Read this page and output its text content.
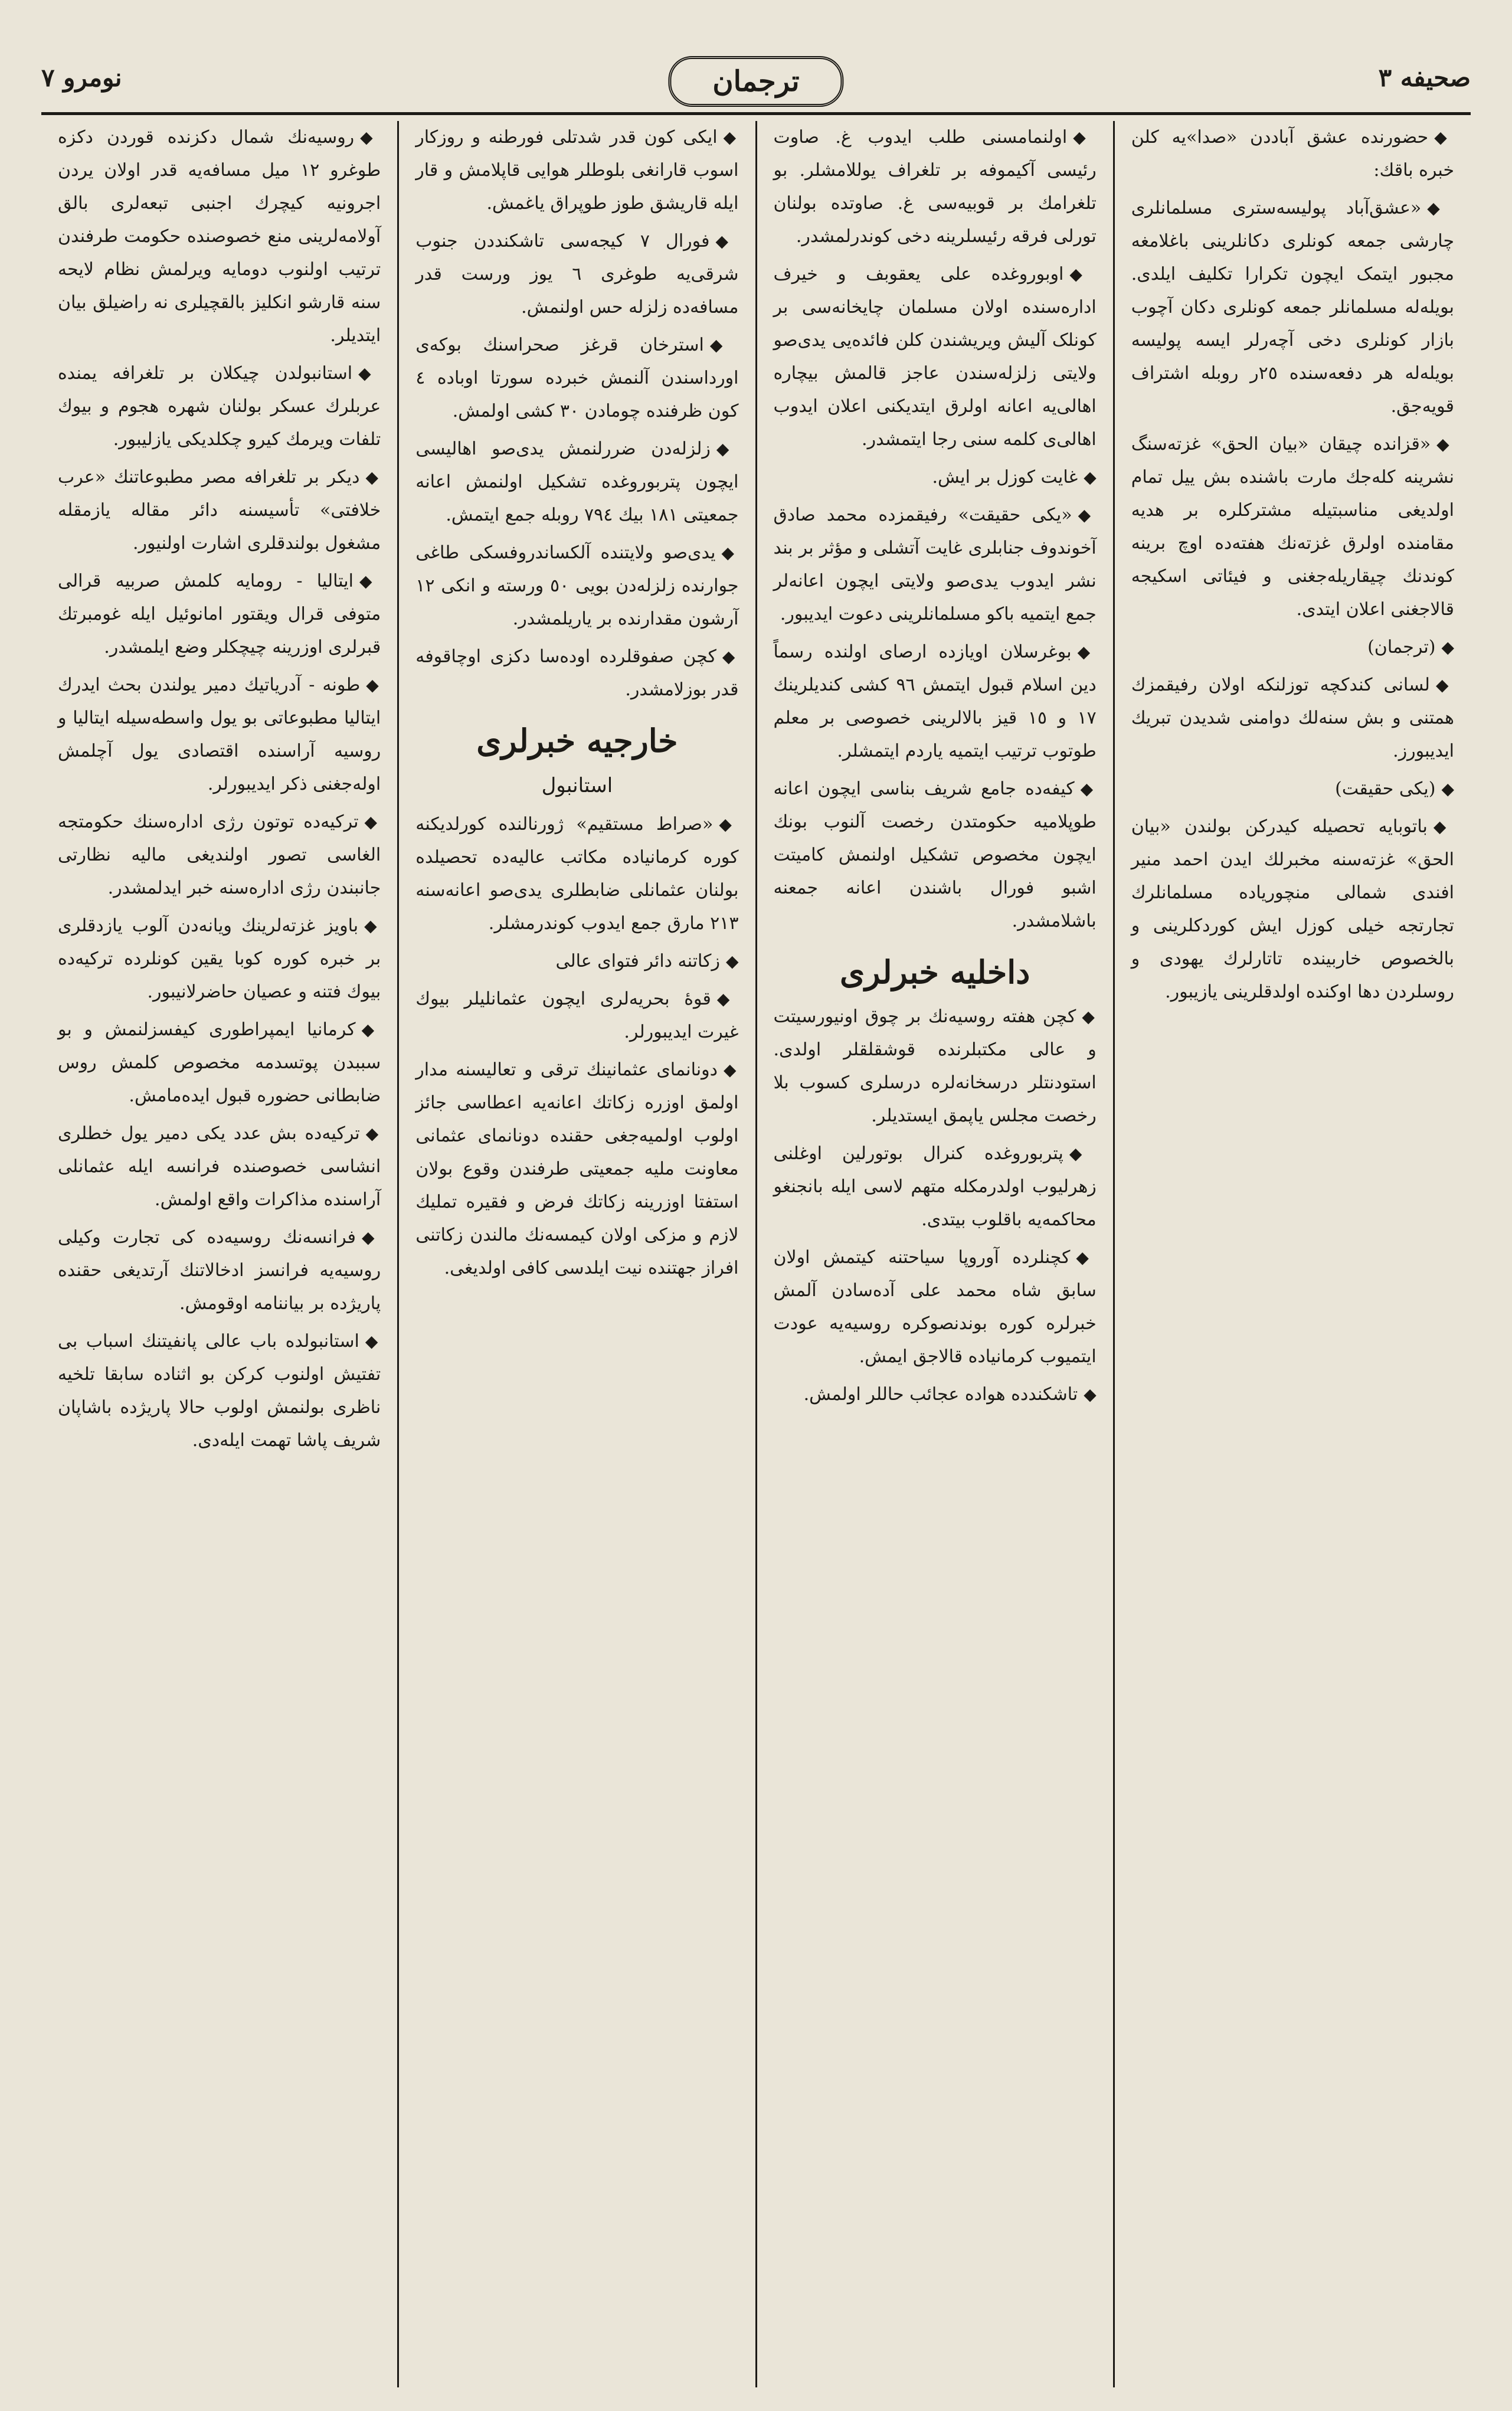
صحیفه ٣
ترجمان
نومرو ٧

◆حضورنده عشق آباددن «صدا»یه کلن خبره باقك:

◆«عشق‌آباد پولیسه‌ستری مسلمانلری چارشی جمعه کونلری دکانلرینی باغلامغه مجبور ایتمک ایچون تکرارا تکلیف ایلدی. بویله‌له مسلمانلر جمعه کونلری دکان آچوب بازار کونلری دخی آچه‌رلر ایسه پولیسه بویله‌له هر دفعه‌سنده ٢٥ر روبله اشتراف قویه‌جق.

◆«قزانده چیقان «بیان الحق» غزته‌سنگ نشرینه کله‌جك مارت باشنده بش ییل تمام اولدیغی مناسبتیله مشترکلره بر هدیه مقامنده اولرق غزته‌نك هفته‌ده اوچ برینه کوندنك چیقاریله‌جغنی و فیئاتی اسکیجه قالاجغنی اعلان ایتدی.

◆(ترجمان)

◆لسانی کندکچه توزلنکه اولان رفیقمزك همتنی و بش سنه‌لك دوامنی شدیدن تبریك ایدیبورز.

◆(یکی حقیقت)

◆باتوبایه تحصیله کیدرکن بولندن «بیان الحق» غزته‌سنه مخبرلك ایدن احمد منیر افندی شمالی منچوریاده مسلمانلرك تجارتجه خیلی کوزل ایش کوردکلرینی و بالخصوص خاربینده تاتارلرك یهودی و روسلردن دها اوکنده اولدقلرینی یازیبور.

◆اولنمامسنی طلب ایدوب غ. صاوت رئیسی آکیموفه بر تلغراف یوللامشلر. بو تلغرامك بر قوبیه‌سی غ. صاوتده بولنان تورلی فرقه رئیسلرینه دخی کوندرلمشدر.

◆اوبوروغده علی یعقوبف و خیرف اداره‌سنده اولان مسلمان چایخانه‌سی بر کونلک آلیش ویریشندن کلن فائده‌یی یدی‌صو ولایتی زلزله‌سندن عاجز قالمش بیچاره اهالی‌یه اعانه اولرق ایتدیکنی اعلان ایدوب اهالی‌ی کلمه سنی رجا ایتمشدر.

◆غایت کوزل بر ایش.

◆«یکی حقیقت» رفیقمزده محمد صادق آخوندوف جنابلری غایت آتشلی و مؤثر بر بند نشر ایدوب یدی‌صو ولایتی ایچون اعانه‌لر جمع ایتمیه باکو مسلمانلرینی دعوت ایدیبور.

◆بوغرسلان اویازده ارصای اولنده رسماً دین اسلام قبول ایتمش ٩٦ کشی کندیلرینك ١٧ و ١٥ قیز بالالرینی خصوصی بر معلم طوتوب ترتیب ایتمیه یاردم ایتمشلر.

◆کیفه‌ده جامع شریف بناسی ایچون اعانه طوپلامیه حکومتدن رخصت آلنوب بونك ایچون مخصوص تشکیل اولنمش کامیتت اشبو فورال باشندن اعانه جمعنه باشلامشدر.

داخلیه خبرلری

◆کچن هفته روسیه‌نك بر چوق اونیورسیتت و عالی مکتبلرنده قوشقلقلر اولدی. استودنتلر درسخانه‌لره درسلری کسوب بلا رخصت مجلس یاپمق ایستدیلر.

◆پتربوروغده کنرال بوتورلین اوغلنی زهرلیوب اولدرمکله متهم لاسی ایله بانجنغو محاکمه‌یه باقلوب بیتدی.

◆کچنلرده آوروپا سیاحتنه کیتمش اولان سابق شاه محمد علی آده‌سادن آلمش خبرلره کوره بوندنصوکره روسیه‌یه عودت ایتمیوب کرمانیاده قالاجق ایمش.

◆تاشکندده هواده عجائب حاللر اولمش.

◆ایکی کون قدر شدتلی فورطنه و روزکار اسوب قارانغی بلوطلر هوایی قاپلامش و قار ایله قاریشق طوز طوپراق یاغمش.

◆فورال ٧ کیجه‌سی تاشکنددن جنوب شرقی‌یه طوغری ٦ یوز ورست قدر مسافه‌ده زلزله حس اولنمش.

◆استرخان قرغز صحراسنك بوکه‌ی اوردا‌سندن آلنمش خبرده سورتا اوباده ٤ کون ظرفنده چومادن ٣٠ کشی اولمش.

◆زلزله‌دن ضررلنمش یدی‌صو اهالیسی ایچون پتربوروغده تشکیل اولنمش اعانه جمعیتی ١٨١ بیك ٧٩٤ روبله جمع ایتمش.

◆یدی‌صو ولایتنده آلکساندروفسکی طاغی جوارنده زلزله‌دن بویی ٥٠ ورسته و انکی ١٢ آرشون مقدارنده بر یاریلمشدر.

◆کچن صفوقلرده اوده‌سا دکزی اوچاقوفه قدر بوزلامشدر.

خارجیه خبرلری
استانبول

◆«صراط مستقیم» ژورنالنده کورلدیکنه کوره کرمانیاده مکاتب عالیه‌ده تحصیلده بولنان عثمانلی ضابطلری یدی‌صو اعانه‌سنه ٢١٣ مارق جمع ایدوب کوندرمشلر.

◆زکاتنه دائر فتوای عالی

◆قوهٔ بحریه‌لری ایچون عثمانلیلر بیوك غیرت ایدیبورلر.

◆دونانمای عثمانینك ترقی و تعالیسنه مدار اولمق اوزره زکاتك اعانه‌یه اعطاسی جائز اولوب اولمیه‌جغی حقنده دونانمای عثمانی معاونت ملیه جمعیتی طرفندن وقوع بولان استفتا اوزرینه زکاتك فرض و فقیره تملیك لازم و مزکی اولان کیمسه‌نك مالندن زکاتنی افراز جهتنده نیت ایلدسی کافی اولدیغی.

◆روسیه‌نك شمال دکزنده قوردن دکزه طوغرو ١٢ میل مسافه‌یه قدر اولان یردن اجرونیه کیچرك اجنبی تبعه‌لری بالق آولامه‌لرینی منع خصوصنده حکومت طرفندن ترتیب اولنوب دومایه ویرلمش نظام لایحه سنه قارشو انکلیز بالقچیلری نه راضیلق بیان ایتدیلر.

◆استانبولدن چیکلان بر تلغرافه یمنده عربلرك عسکر بولنان شهره هجوم و بیوك تلفات ویرمك کیرو چکلدیکی یازلیبور.

◆دیکر بر تلغرافه مصر مطبوعاتنك «عرب خلافتی» تأسیسنه دائر مقاله یازمقله مشغول بولندقلری اشارت اولنیور.

◆ایتالیا - رومایه کلمش صربیه قرالی متوفی قرال ویقتور امانوئیل ایله غومبرتك قبرلری اوزرینه چیچکلر وضع ایلمشدر.

◆طونه - آدریاتیك دمیر یولندن بحث ایدرك ایتالیا مطبوعاتی بو یول واسطه‌سیله ایتالیا و روسیه آراسنده اقتصادی یول آچلمش اوله‌جغنی ذکر ایدیبورلر.

◆ترکیه‌ده توتون رژی اداره‌سنك حکومتجه الغاسی تصور اولندیغی مالیه نظارتی جانبندن رژی اداره‌سنه خبر ایدلمشدر.

◆باویز غزته‌لرینك ویانه‌دن آلوب یازدقلری بر خبره کوره کوبا یقین کونلرده ترکیه‌ده بیوك فتنه و عصیان حاضرلانیبور.

◆کرمانیا ایمپراطوری کیفسزلنمش و بو سببدن پوتسدمه مخصوص کلمش روس ضابطانی حضوره قبول ایده‌مامش.

◆ترکیه‌ده بش عدد یکی دمیر یول خطلری انشاسی خصوصنده فرانسه ایله عثمانلی آراسنده مذاکرات واقع اولمش.

◆فرانسه‌نك روسیه‌ده کی تجارت وکیلی روسیه‌یه فرانسز ادخالاتنك آرتدیغی حقنده پاریژده بر بیاننامه اوقومش.

◆استانبولده باب عالی پانفیتنك اسباب بی تفتیش اولنوب کرکن بو اثناده سابقا تلخیه ناظری بولنمش اولوب حالا پاریژده باشاپان شریف پاشا تهمت ایله‌دی.
